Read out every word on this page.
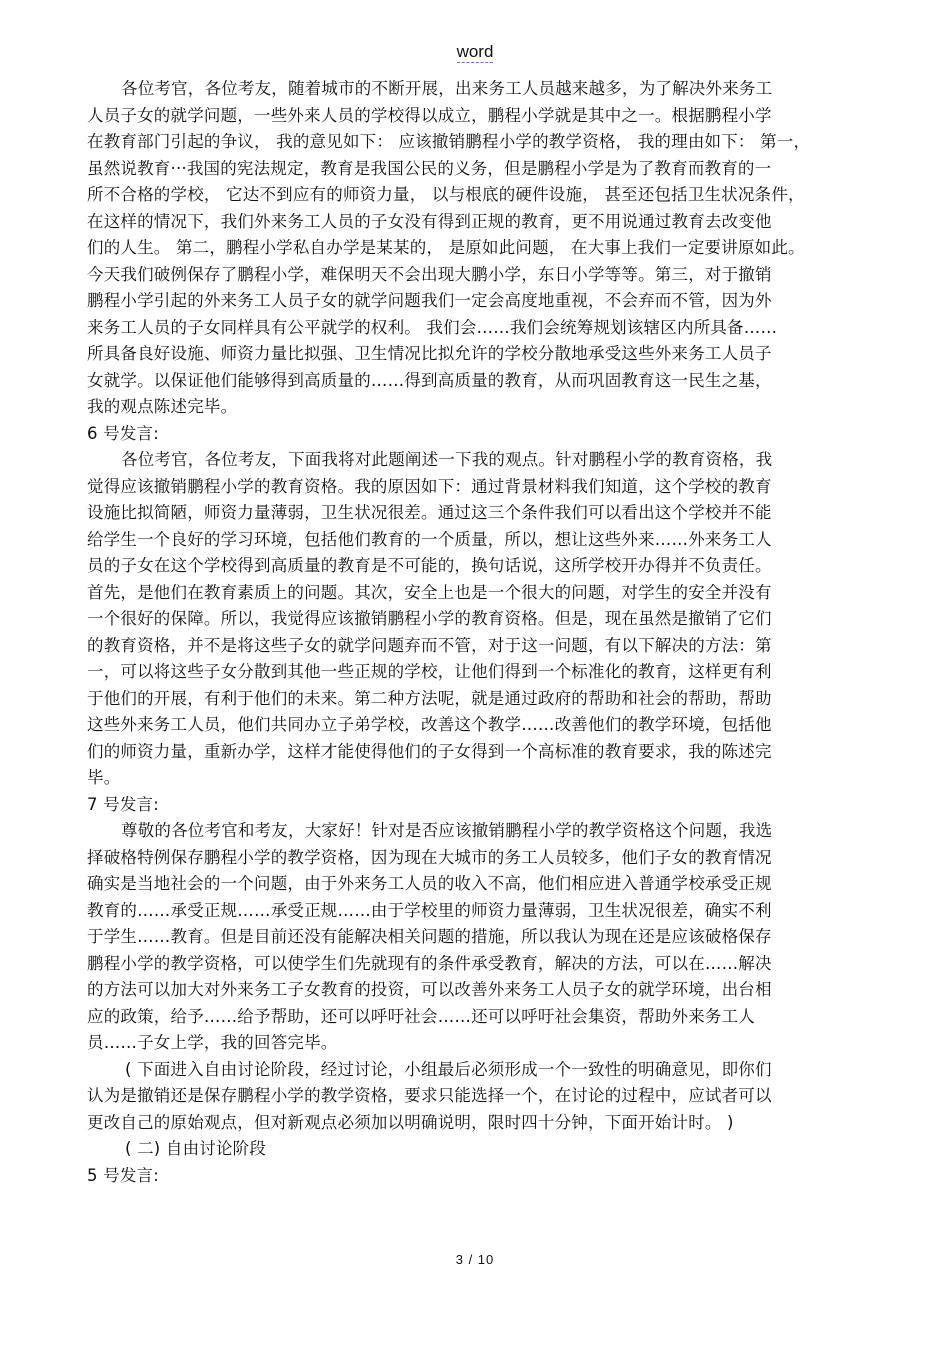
word
各位考官，各位考友，随着城市的不断开展，出来务工人员越来越多，为了解决外来务工
人员子女的就学问题，一些外来人员的学校得以成立，鹏程小学就是其中之一。根据鹏程小学
在教育部门引起的争议， 我的意见如下： 应该撤销鹏程小学的教学资格， 我的理由如下： 第一，
虽然说教育···我国的宪法规定，教育是我国公民的义务，但是鹏程小学是为了教育而教育的一
所不合格的学校， 它达不到应有的师资力量， 以与根底的硬件设施， 甚至还包括卫生状况条件，
在这样的情况下，我们外来务工人员的子女没有得到正规的教育，更不用说通过教育去改变他
们的人生。 第二，鹏程小学私自办学是某某的， 是原如此问题， 在大事上我们一定要讲原如此。
今天我们破例保存了鹏程小学，难保明天不会出现大鹏小学，东日小学等等。第三，对于撤销
鹏程小学引起的外来务工人员子女的就学问题我们一定会高度地重视，不会弃而不管，因为外
来务工人员的子女同样具有公平就学的权利。 我们会……我们会统筹规划该辖区内所具备……
所具备良好设施、师资力量比拟强、卫生情况比拟允许的学校分散地承受这些外来务工人员子
女就学。以保证他们能够得到高质量的……得到高质量的教育，从而巩固教育这一民生之基，
我的观点陈述完毕。
6 号发言:
各位考官，各位考友，下面我将对此题阐述一下我的观点。针对鹏程小学的教育资格，我
觉得应该撤销鹏程小学的教育资格。我的原因如下：通过背景材料我们知道，这个学校的教育
设施比拟简陋，师资力量薄弱，卫生状况很差。通过这三个条件我们可以看出这个学校并不能
给学生一个良好的学习环境，包括他们教育的一个质量，所以，想让这些外来……外来务工人
员的子女在这个学校得到高质量的教育是不可能的，换句话说，这所学校开办得并不负责任。
首先，是他们在教育素质上的问题。其次，安全上也是一个很大的问题，对学生的安全并没有
一个很好的保障。所以，我觉得应该撤销鹏程小学的教育资格。但是，现在虽然是撤销了它们
的教育资格，并不是将这些子女的就学问题弃而不管，对于这一问题，有以下解决的方法：第
一，可以将这些子女分散到其他一些正规的学校，让他们得到一个标准化的教育，这样更有利
于他们的开展，有利于他们的未来。第二种方法呢，就是通过政府的帮助和社会的帮助，帮助
这些外来务工人员，他们共同办立子弟学校，改善这个教学……改善他们的教学环境，包括他
们的师资力量，重新办学，这样才能使得他们的子女得到一个高标准的教育要求，我的陈述完
毕。
7 号发言:
尊敬的各位考官和考友，大家好！针对是否应该撤销鹏程小学的教学资格这个问题，我选
择破格特例保存鹏程小学的教学资格，因为现在大城市的务工人员较多，他们子女的教育情况
确实是当地社会的一个问题，由于外来务工人员的收入不高，他们相应进入普通学校承受正规
教育的……承受正规……承受正规……由于学校里的师资力量薄弱，卫生状况很差，确实不利
于学生……教育。但是目前还没有能解决相关问题的措施，所以我认为现在还是应该破格保存
鹏程小学的教学资格，可以使学生们先就现有的条件承受教育，解决的方法，可以在……解决
的方法可以加大对外来务工子女教育的投资，可以改善外来务工人员子女的就学环境，出台相
应的政策，给予……给予帮助，还可以呼吁社会……还可以呼吁社会集资，帮助外来务工人
员……子女上学，我的回答完毕。
( 下面进入自由讨论阶段，经过讨论，小组最后必须形成一个一致性的明确意见，即你们
认为是撤销还是保存鹏程小学的教学资格，要求只能选择一个，在讨论的过程中，应试者可以
更改自己的原始观点，但对新观点必须加以明确说明，限时四十分钟，下面开始计时。 )
( 二) 自由讨论阶段
5 号发言:
3 / 10
